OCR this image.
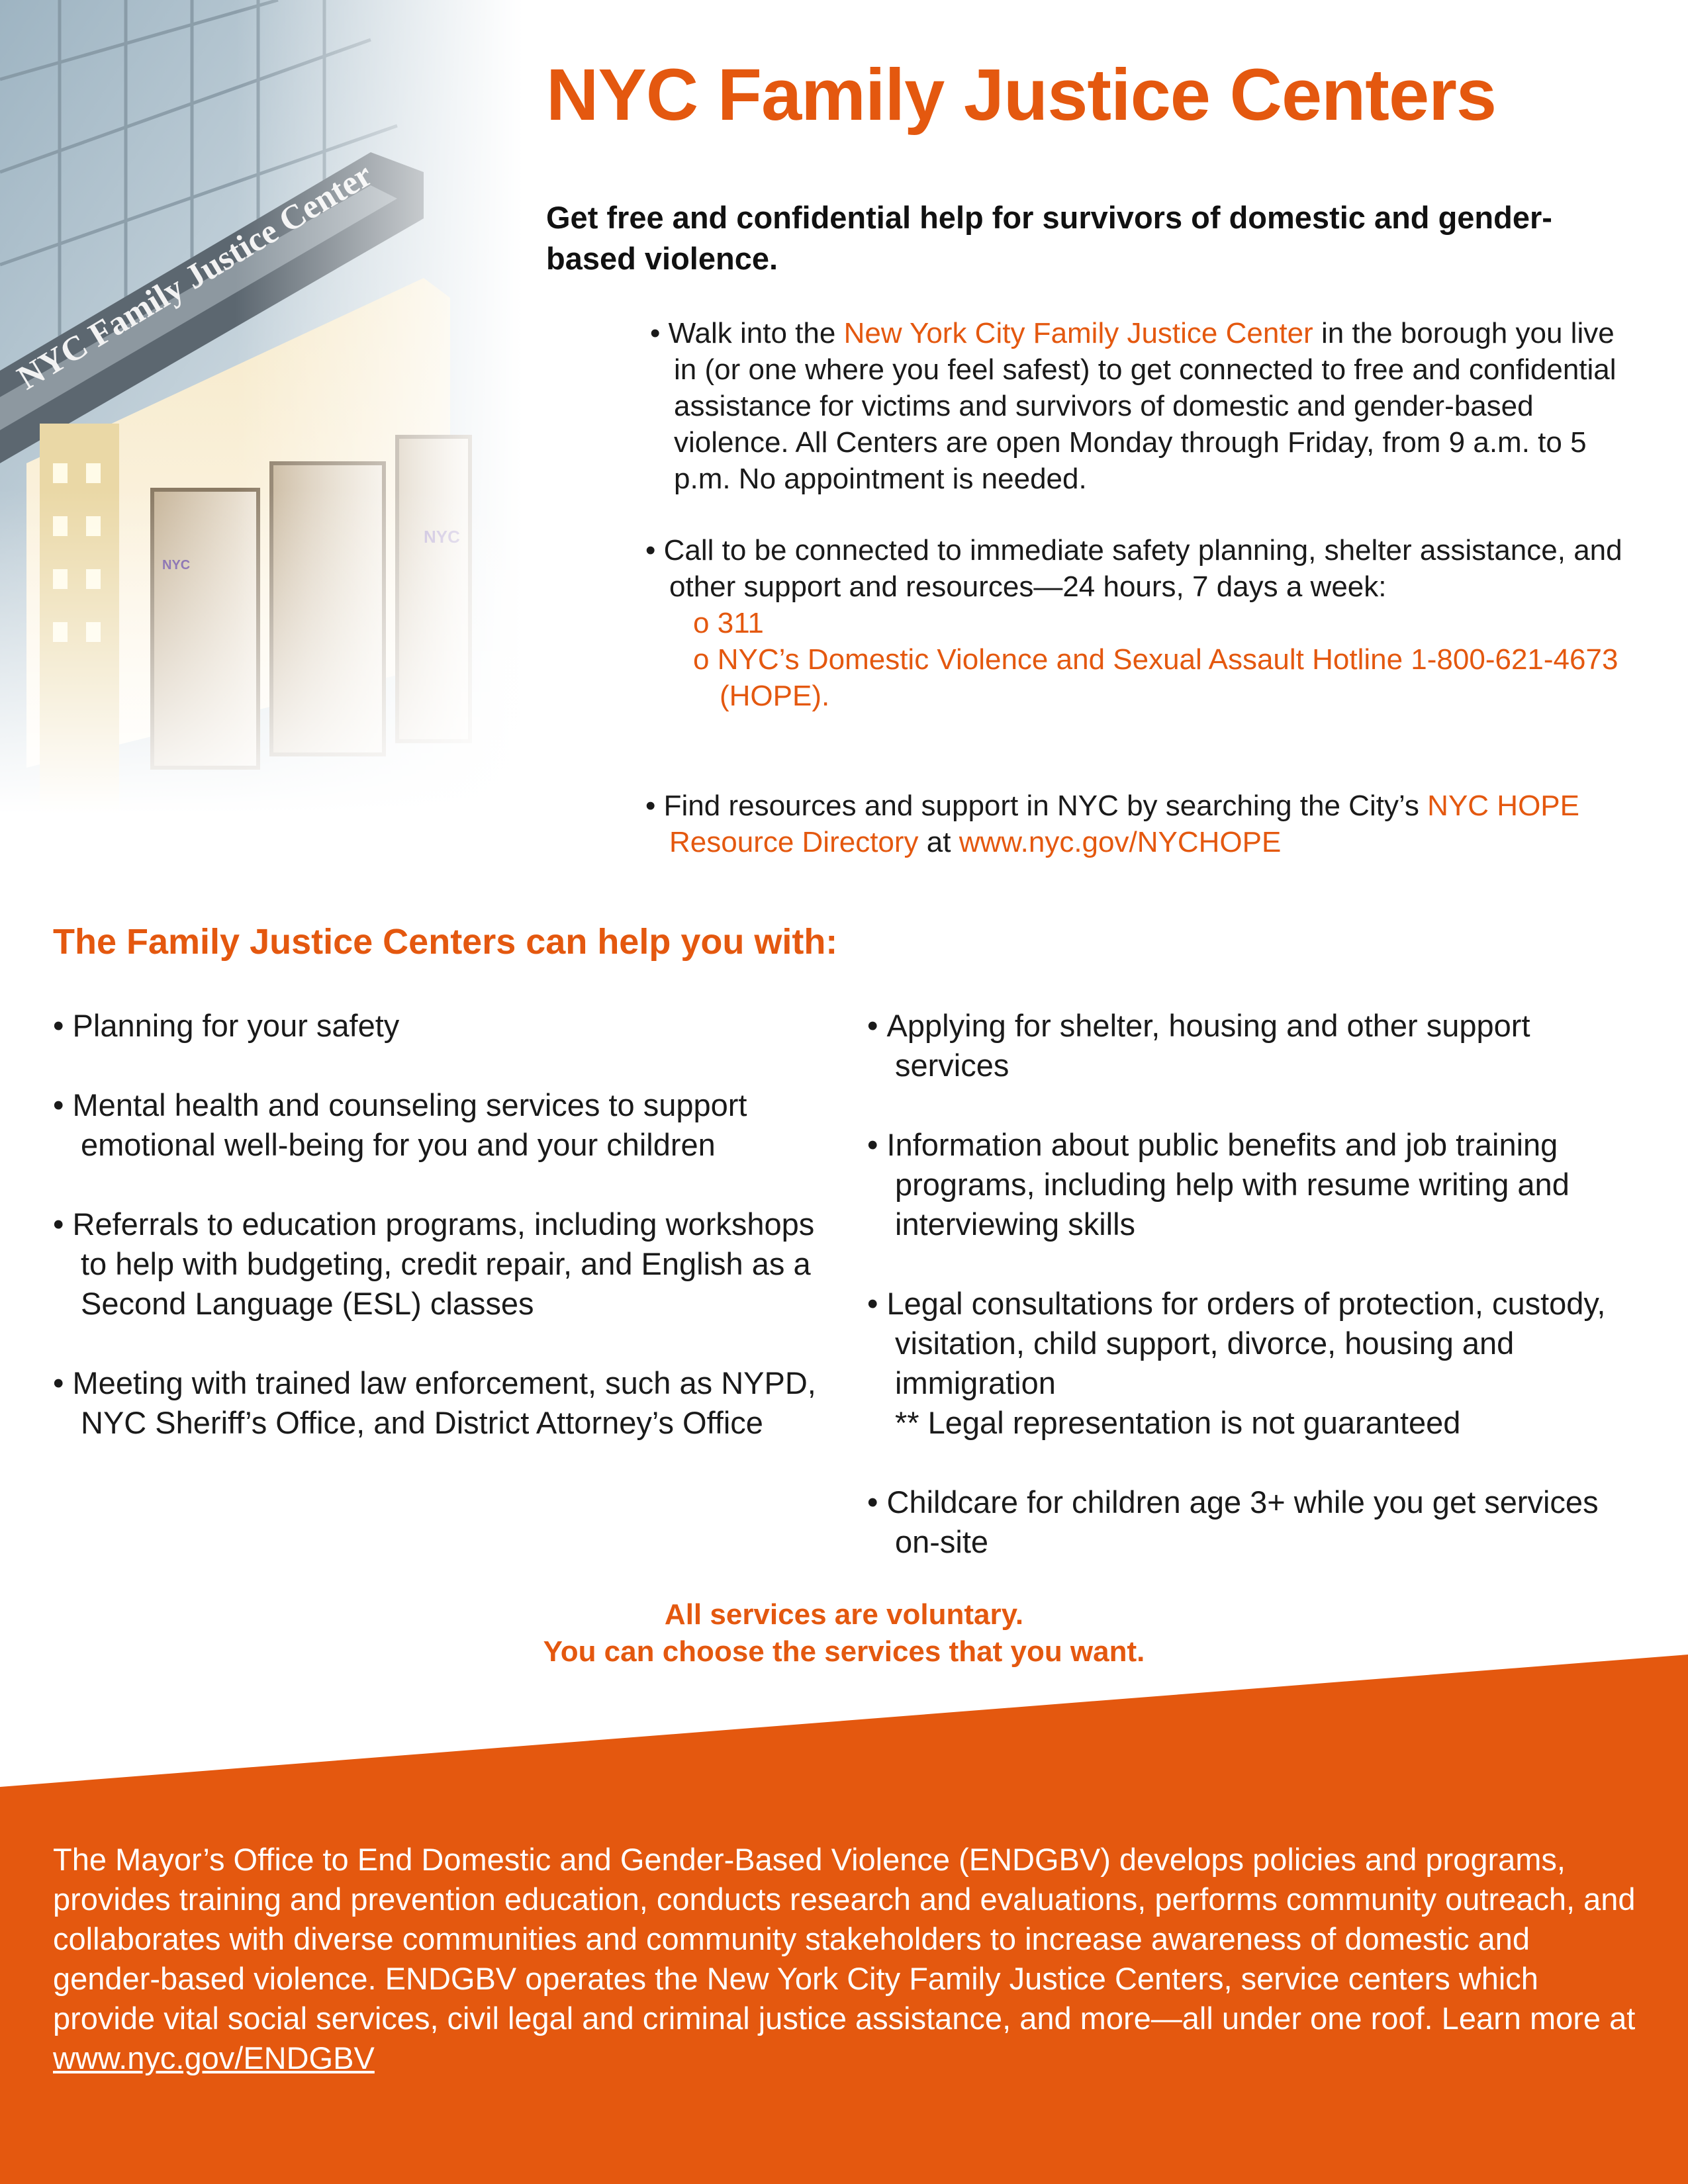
NYC Family Justice Centers

Get free and confidential help for survivors of domestic and gender-based violence.

• Walk into the New York City Family Justice Center in the borough you live in (or one where you feel safest) to get connected to free and confidential assistance for victims and survivors of domestic and gender-based violence. All Centers are open Monday through Friday, from 9 a.m. to 5 p.m. No appointment is needed.
• Call to be connected to immediate safety planning, shelter assistance, and other support and resources—24 hours, 7 days a week:
o 311
o NYC’s Domestic Violence and Sexual Assault Hotline 1-800-621-4673 (HOPE).
• Find resources and support in NYC by searching the City’s NYC HOPE Resource Directory at www.nyc.gov/NYCHOPE
The Family Justice Centers can help you with:
• Planning for your safety
• Mental health and counseling services to support emotional well-being for you and your children
• Referrals to education programs, including workshops to help with budgeting, credit repair, and English as a Second Language (ESL) classes
• Meeting with trained law enforcement, such as NYPD, NYC Sheriff’s Office, and District Attorney’s Office
• Applying for shelter, housing and other support services
• Information about public benefits and job training programs, including help with resume writing and interviewing skills
• Legal consultations for orders of protection, custody, visitation, child support, divorce, housing and immigration
** Legal representation is not guaranteed
• Childcare for children age 3+ while you get services on-site
All services are voluntary.
You can choose the services that you want.

The Mayor’s Office to End Domestic and Gender-Based Violence (ENDGBV) develops policies and programs, provides training and prevention education, conducts research and evaluations, performs community outreach, and collaborates with diverse communities and community stakeholders to increase awareness of domestic and gender-based violence. ENDGBV operates the New York City Family Justice Centers, service centers which provide vital social services, civil legal and criminal justice assistance, and more—all under one roof. Learn more at www.nyc.gov/ENDGBV
